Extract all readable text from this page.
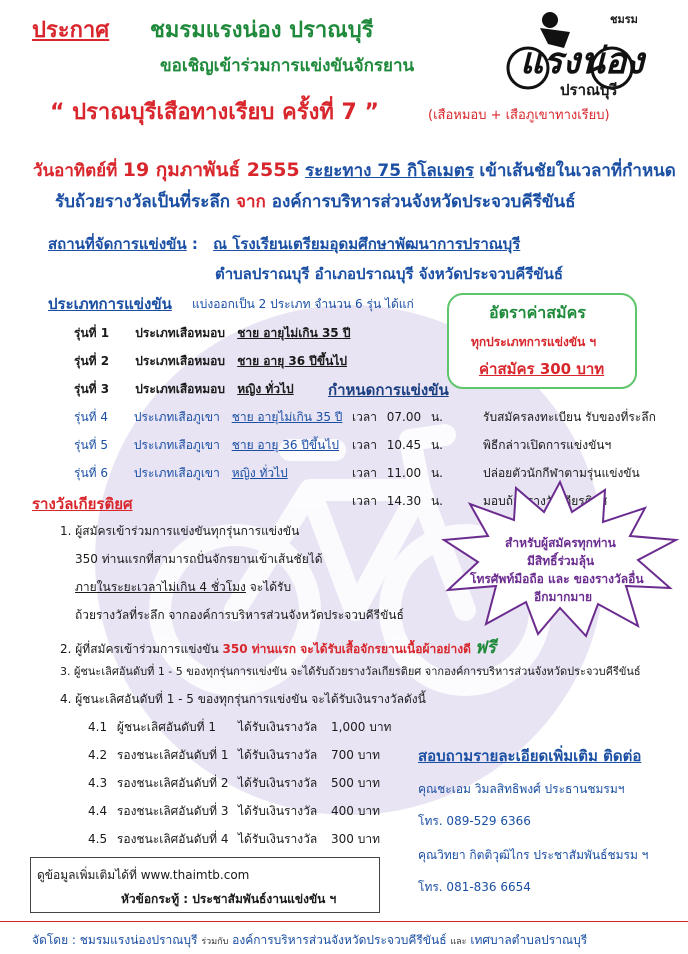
ประกาศ ชมรมแรงน่อง ปราณบุรี
ขอเชิญเข้าร่วมการแข่งขันจักรยาน
“ ปราณบุรีเสือทางเรียบ ครั้งที่ 7 ”	(เสือหมอบ + เสือภูเขาทางเรียบ)
ชมรม
แรงน่อง
ปราณบุรี
วันอาทิตย์ที่ 19 กุมภาพันธ์ 2555 ระยะทาง 75 กิโลเมตร เข้าเส้นชัยในเวลาที่กำหนด
รับถ้วยรางวัลเป็นที่ระลึก จาก องค์การบริหารส่วนจังหวัดประจวบคีรีขันธ์
สถานที่จัดการแข่งขัน : ณ โรงเรียนเตรียมอุดมศึกษาพัฒนาการปราณบุรี
ตำบลปราณบุรี อำเภอปราณบุรี จังหวัดประจวบคีรีขันธ์
ประเภทการแข่งขัน แบ่งออกเป็น 2 ประเภท จำนวน 6 รุ่น ได้แก่
รุ่นที่ 1 ประเภทเสือหมอบ ชาย อายุไม่เกิน 35 ปี
รุ่นที่ 2 ประเภทเสือหมอบ ชาย อายุ 36 ปีขึ้นไป
รุ่นที่ 3 ประเภทเสือหมอบ หญิง ทั่วไป
รุ่นที่ 4 ประเภทเสือภูเขา ชาย อายุไม่เกิน 35 ปี
รุ่นที่ 5 ประเภทเสือภูเขา ชาย อายุ 36 ปีขึ้นไป
รุ่นที่ 6 ประเภทเสือภูเขา หญิง ทั่วไป
อัตราค่าสมัคร
ทุกประเภทการแข่งขัน ฯ
ค่าสมัคร 300 บาท
กำหนดการแข่งขัน
เวลา 07.00 น.	รับสมัครลงทะเบียน รับของที่ระลึก
เวลา 10.45 น.	พิธีกล่าวเปิดการแข่งขันฯ
เวลา 11.00 น.	ปล่อยตัวนักกีฬาตามรุ่นแข่งขัน
เวลา 14.30 น.	มอบถ้วยรางวัลเกียรติยศ
สำหรับผู้สมัครทุกท่าน
มีสิทธิ์ร่วมลุ้น
โทรศัพท์มือถือ และ ของรางวัลอื่น
อีกมากมาย
รางวัลเกียรติยศ
1. ผู้สมัครเข้าร่วมการแข่งขันทุกรุ่นการแข่งขัน
350 ท่านแรกที่สามารถปั่นจักรยานเข้าเส้นชัยได้
ภายในระยะเวลาไม่เกิน 4 ชั่วโมง จะได้รับ
ถ้วยรางวัลที่ระลึก จากองค์การบริหารส่วนจังหวัดประจวบคีรีขันธ์
2. ผู้ที่สมัครเข้าร่วมการแข่งขัน 350 ท่านแรก จะได้รับเสื้อจักรยานเนื้อผ้าอย่างดี ฟรี
3. ผู้ชนะเลิศอันดับที่ 1 - 5 ของทุกรุ่นการแข่งขัน จะได้รับถ้วยรางวัลเกียรติยศ จากองค์การบริหารส่วนจังหวัดประจวบคีรีขันธ์
4. ผู้ชนะเลิศอันดับที่ 1 - 5 ของทุกรุ่นการแข่งขัน จะได้รับเงินรางวัลดังนี้
4.1 ผู้ชนะเลิศอันดับที่ 1 ได้รับเงินรางวัล 1,000 บาท
4.2 รองชนะเลิศอันดับที่ 1 ได้รับเงินรางวัล 700 บาท
4.3 รองชนะเลิศอันดับที่ 2 ได้รับเงินรางวัล 500 บาท
4.4 รองชนะเลิศอันดับที่ 3 ได้รับเงินรางวัล 400 บาท
4.5 รองชนะเลิศอันดับที่ 4 ได้รับเงินรางวัล 300 บาท
สอบถามรายละเอียดเพิ่มเติม ติดต่อ
คุณชะเอม วิมลสิทธิพงศ์ ประธานชมรมฯ
โทร. 089-529 6366
คุณวิทยา กิตติวุฒิไกร ประชาสัมพันธ์ชมรม ฯ
โทร. 081-836 6654
ดูข้อมูลเพิ่มเติมได้ที่ www.thaimtb.com
หัวข้อกระทู้ : ประชาสัมพันธ์งานแข่งขัน ฯ
จัดโดย : ชมรมแรงน่องปราณบุรี ร่วมกับ องค์การบริหารส่วนจังหวัดประจวบคีรีขันธ์ และ เทศบาลตำบลปราณบุรี
